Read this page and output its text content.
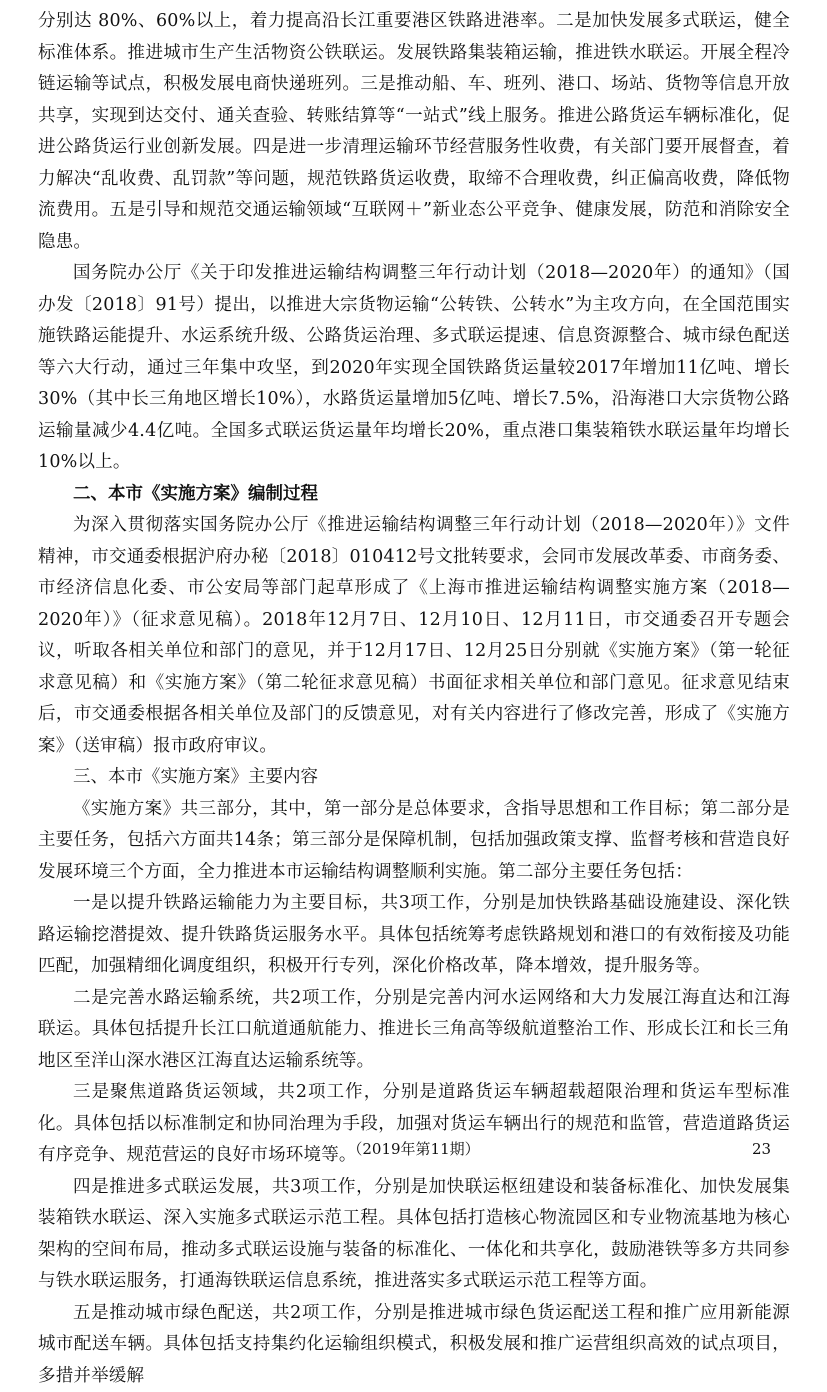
分别达 80%、60%以上，着力提高沿长江重要港区铁路进港率。二是加快发展多式联运，健全标准体系。推进城市生产生活物资公铁联运。发展铁路集装箱运输，推进铁水联运。开展全程冷链运输等试点，积极发展电商快递班列。三是推动船、车、班列、港口、场站、货物等信息开放共享，实现到达交付、通关查验、转账结算等“一站式”线上服务。推进公路货运车辆标准化，促进公路货运行业创新发展。四是进一步清理运输环节经营服务性收费，有关部门要开展督查，着力解决“乱收费、乱罚款”等问题，规范铁路货运收费，取缔不合理收费，纠正偏高收费，降低物流费用。五是引导和规范交通运输领域“互联网＋”新业态公平竞争、健康发展，防范和消除安全隐患。

国务院办公厅《关于印发推进运输结构调整三年行动计划（2018—2020年）的通知》（国办发〔2018〕91号）提出，以推进大宗货物运输“公转铁、公转水”为主攻方向，在全国范围实施铁路运能提升、水运系统升级、公路货运治理、多式联运提速、信息资源整合、城市绿色配送等六大行动，通过三年集中攻坚，到2020年实现全国铁路货运量较2017年增加11亿吨、增长30%（其中长三角地区增长10%），水路货运量增加5亿吨、增长7.5%，沿海港口大宗货物公路运输量减少4.4亿吨。全国多式联运货运量年均增长20%，重点港口集装箱铁水联运量年均增长10%以上。

二、本市《实施方案》编制过程

为深入贯彻落实国务院办公厅《推进运输结构调整三年行动计划（2018—2020年）》文件精神，市交通委根据沪府办秘〔2018〕010412号文批转要求，会同市发展改革委、市商务委、市经济信息化委、市公安局等部门起草形成了《上海市推进运输结构调整实施方案（2018—2020年）》（征求意见稿）。2018年12月7日、12月10日、12月11日，市交通委召开专题会议，听取各相关单位和部门的意见，并于12月17日、12月25日分别就《实施方案》（第一轮征求意见稿）和《实施方案》（第二轮征求意见稿）书面征求相关单位和部门意见。征求意见结束后，市交通委根据各相关单位及部门的反馈意见，对有关内容进行了修改完善，形成了《实施方案》（送审稿）报市政府审议。

三、本市《实施方案》主要内容

《实施方案》共三部分，其中，第一部分是总体要求，含指导思想和工作目标；第二部分是主要任务，包括六方面共14条；第三部分是保障机制，包括加强政策支撑、监督考核和营造良好发展环境三个方面，全力推进本市运输结构调整顺利实施。第二部分主要任务包括：

一是以提升铁路运输能力为主要目标，共3项工作，分别是加快铁路基础设施建设、深化铁路运输挖潜提效、提升铁路货运服务水平。具体包括统筹考虑铁路规划和港口的有效衔接及功能匹配，加强精细化调度组织，积极开行专列，深化价格改革，降本增效，提升服务等。

二是完善水路运输系统，共2项工作，分别是完善内河水运网络和大力发展江海直达和江海联运。具体包括提升长江口航道通航能力、推进长三角高等级航道整治工作、形成长江和长三角地区至洋山深水港区江海直达运输系统等。

三是聚焦道路货运领域，共2项工作，分别是道路货运车辆超载超限治理和货运车型标准化。具体包括以标准制定和协同治理为手段，加强对货运车辆出行的规范和监管，营造道路货运有序竞争、规范营运的良好市场环境等。

四是推进多式联运发展，共3项工作，分别是加快联运枢纽建设和装备标准化、加快发展集装箱铁水联运、深入实施多式联运示范工程。具体包括打造核心物流园区和专业物流基地为核心架构的空间布局，推动多式联运设施与装备的标准化、一体化和共享化，鼓励港铁等多方共同参与铁水联运服务，打通海铁联运信息系统，推进落实多式联运示范工程等方面。

五是推动城市绿色配送，共2项工作，分别是推进城市绿色货运配送工程和推广应用新能源城市配送车辆。具体包括支持集约化运输组织模式，积极发展和推广运营组织高效的试点项目，多措并举缓解

（2019年第11期）	23
